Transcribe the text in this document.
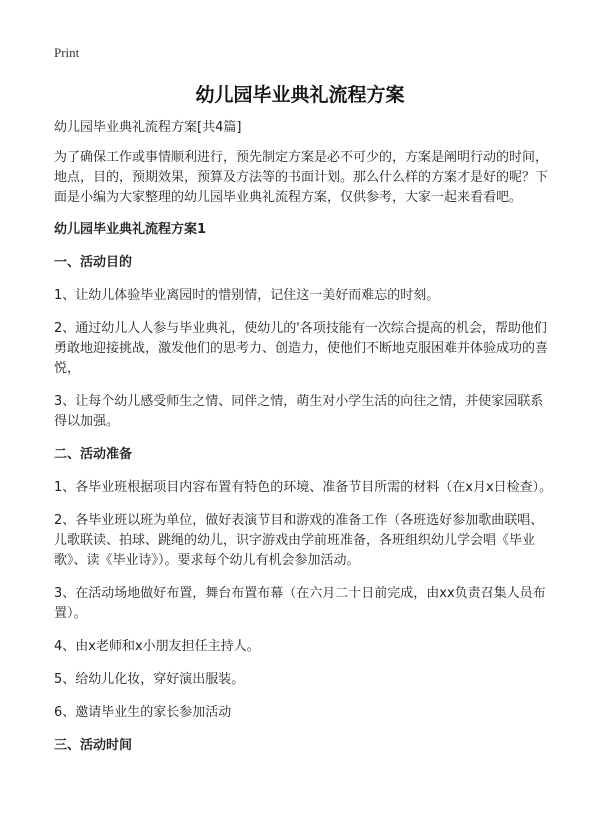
Print
幼儿园毕业典礼流程方案

幼儿园毕业典礼流程方案[共4篇]

为了确保工作或事情顺利进行，预先制定方案是必不可少的，方案是阐明行动的时间，地点，目的，预期效果，预算及方法等的书面计划。那么什么样的方案才是好的呢？下面是小编为大家整理的幼儿园毕业典礼流程方案，仅供参考，大家一起来看看吧。

幼儿园毕业典礼流程方案1

一、活动目的

1、让幼儿体验毕业离园时的惜别情，记住这一美好而难忘的时刻。

2、通过幼儿人人参与毕业典礼，使幼儿的'各项技能有一次综合提高的机会，帮助他们勇敢地迎接挑战，激发他们的思考力、创造力，使他们不断地克服困难并体验成功的喜悦，

3、让每个幼儿感受师生之情、同伴之情，萌生对小学生活的向往之情，并使家园联系得以加强。

二、活动准备

1、各毕业班根据项目内容布置有特色的环境、准备节目所需的材料（在x月x日检查）。

2、各毕业班以班为单位，做好表演节目和游戏的准备工作（各班选好参加歌曲联唱、儿歌联读、拍球、跳绳的幼儿，识字游戏由学前班准备，各班组织幼儿学会唱《毕业歌》、读《毕业诗》）。要求每个幼儿有机会参加活动。

3、在活动场地做好布置，舞台布置布幕（在六月二十日前完成，由xx负责召集人员布置）。

4、由x老师和x小朋友担任主持人。

5、给幼儿化妆，穿好演出服装。

6、邀请毕业生的家长参加活动

三、活动时间
